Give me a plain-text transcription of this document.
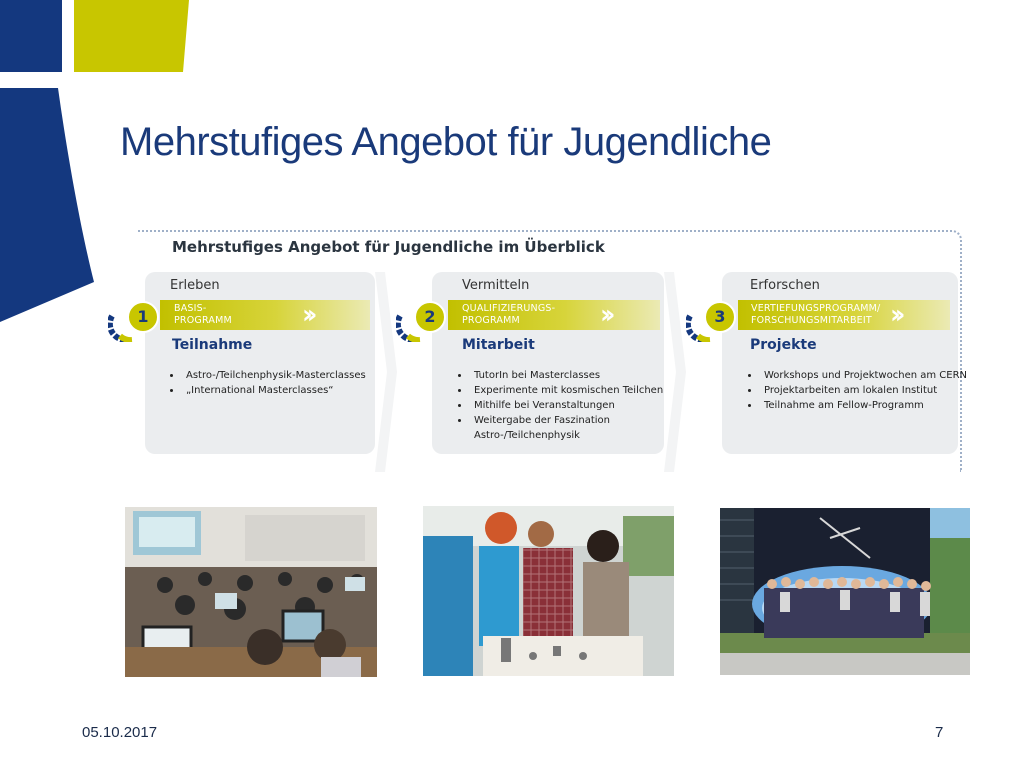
Mehrstufiges Angebot für Jugendliche
Mehrstufiges Angebot für Jugendliche im Überblick
Erleben
BASIS-
PROGRAMM	››
1
Teilnahme
• Astro-/Teilchenphysik-Masterclasses
• „International Masterclasses“
Vermitteln
QUALIFIZIERUNGS-
PROGRAMM	››
2
Mitarbeit
• TutorIn bei Masterclasses
• Experimente mit kosmischen Teilchen
• Mithilfe bei Veranstaltungen
• Weitergabe der Faszination Astro-/Teilchenphysik
Erforschen
VERTIEFUNGSPROGRAMM/
FORSCHUNGSMITARBEIT ››
3
Projekte
• Workshops und Projektwochen am CERN
• Projektarbeiten am lokalen Institut
• Teilnahme am Fellow-Programm
05.10.2017	7
